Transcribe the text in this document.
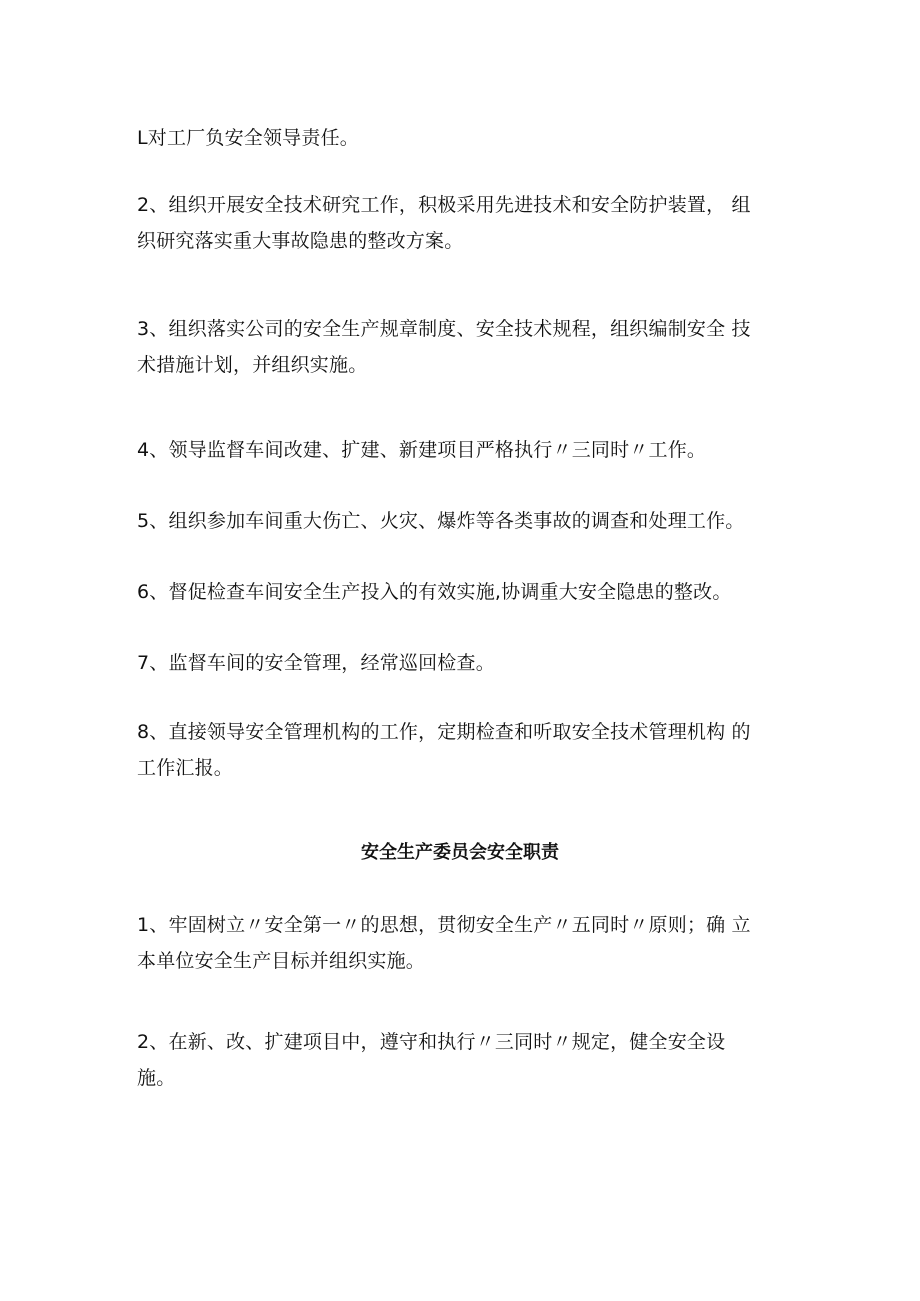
L对工厂负安全领导责任。

2、组织开展安全技术研究工作，积极采用先进技术和安全防护装置， 组
织研究落实重大事故隐患的整改方案。

3、组织落实公司的安全生产规章制度、安全技术规程，组织编制安全 技
术措施计划，并组织实施。

4、领导监督车间改建、扩建、新建项目严格执行〃三同时〃工作。

5、组织参加车间重大伤亡、火灾、爆炸等各类事故的调查和处理工作。

6、督促检查车间安全生产投入的有效实施,协调重大安全隐患的整改。

7、监督车间的安全管理，经常巡回检查。

8、直接领导安全管理机构的工作，定期检查和听取安全技术管理机构 的
工作汇报。

安全生产委员会安全职责

1、牢固树立〃安全第一〃的思想，贯彻安全生产〃五同时〃原则；确 立
本单位安全生产目标并组织实施。

2、在新、改、扩建项目中，遵守和执行〃三同时〃规定，健全安全设
施。
